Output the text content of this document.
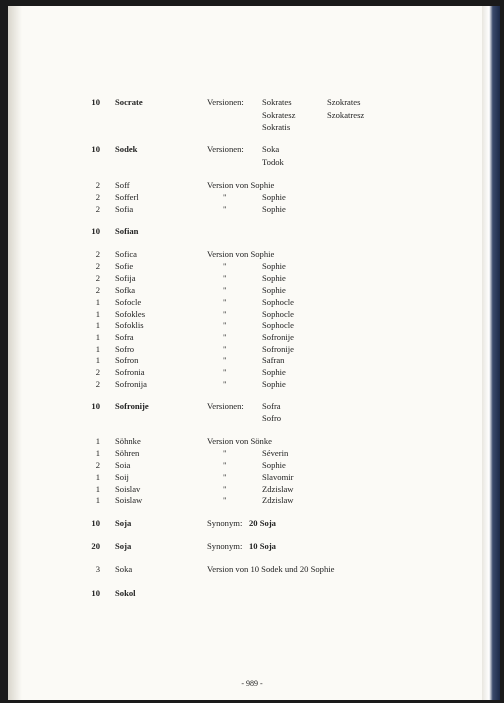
10 Socrate	Versionen: Sokrates	Szokrates
Sokratesz	Szokatresz
Sokratis
10 Sodek	Versionen: Soka
Todok
2 Soff	Version von Sophie
2 Sofferl	"	Sophie
2 Sofia	"	Sophie
10 Sofian
2 Sofica	Version von Sophie
2 Sofie	"	Sophie
2 Sofija	"	Sophie
2 Sofka	"	Sophie
1 Sofocle	"	Sophocle
1 Sofokles	"	Sophocle
1 Sofoklis	"	Sophocle
1 Sofra	"	Sofronije
1 Sofro	"	Sofronije
1 Sofron	"	Safran
2 Sofronia	"	Sophie
2 Sofronija	"	Sophie
10 Sofronije	Versionen: Sofra
Sofro
1 Söhnke	Version von Sönke
1 Söhren	"	Séverin
2 Soia	"	Sophie
1 Soij	"	Slavomir
1 Soislav	"	Zdzislaw
1 Soislaw	"	Zdzislaw
10 Soja	Synonym: 20 Soja
20 Soja	Synonym: 10 Soja
3 Soka	Version von 10 Sodek und 20 Sophie
10 Sokol
- 989 -
